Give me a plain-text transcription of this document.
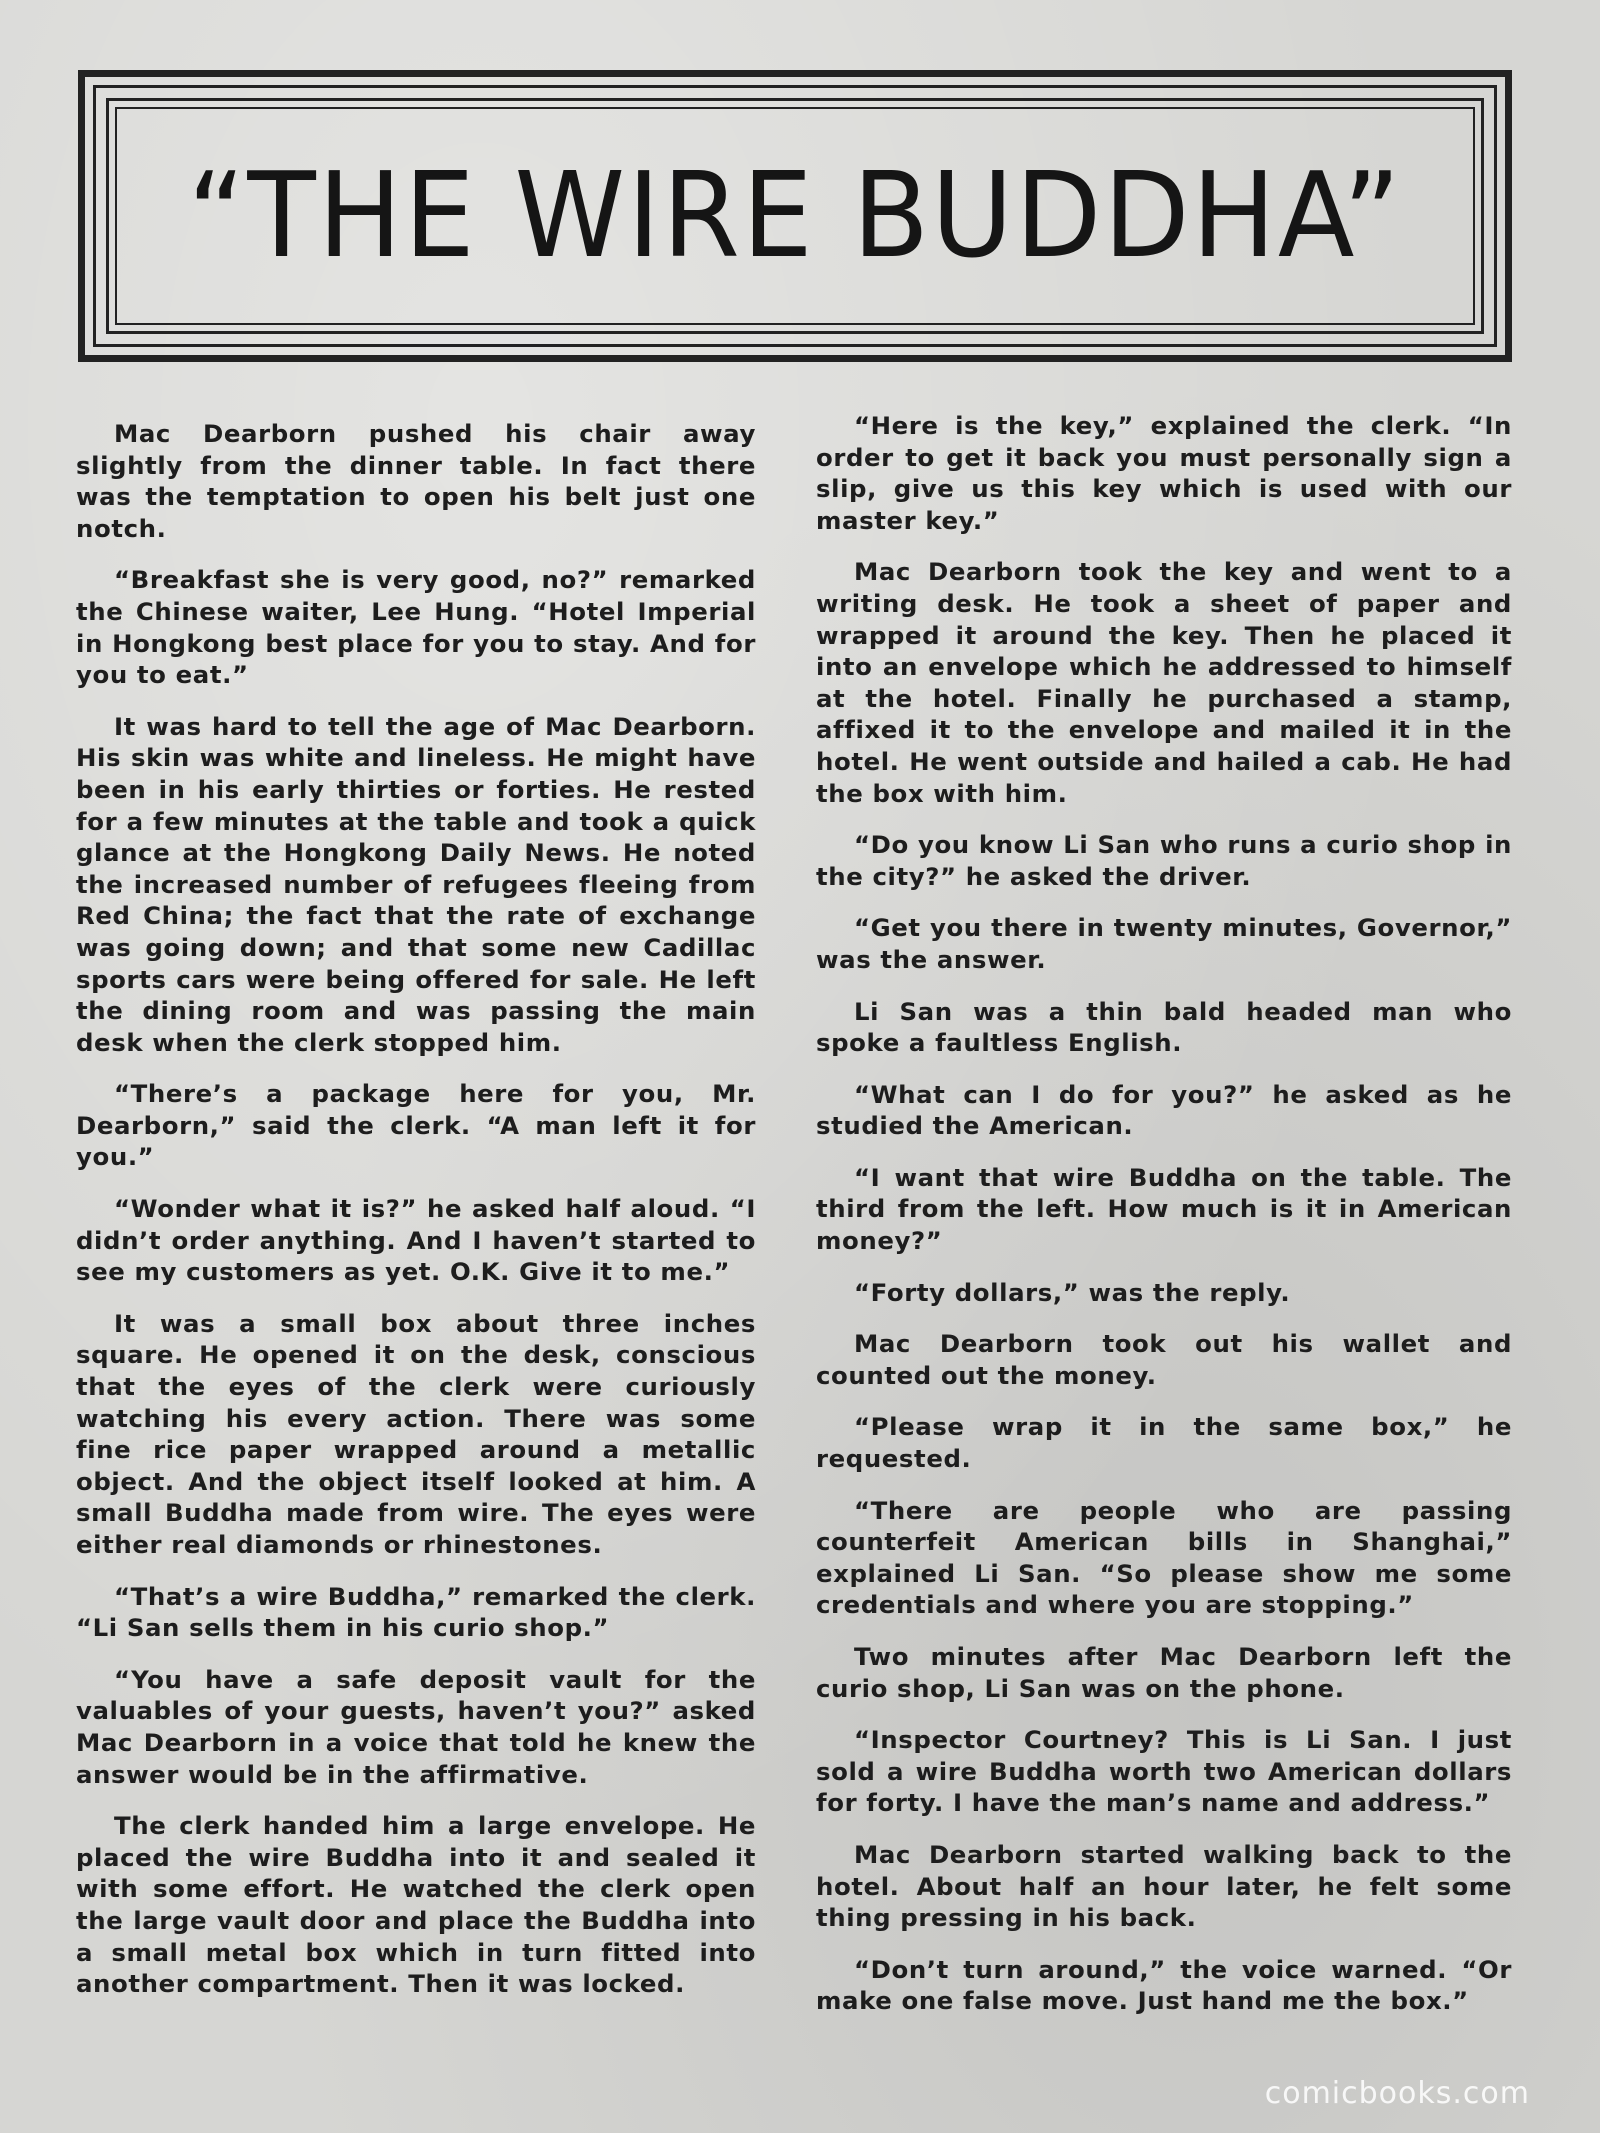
“THE WIRE BUDDHA”

Mac Dearborn pushed his chair away slightly from the dinner table. In fact there was the temptation to open his belt just one notch.

“Breakfast she is very good, no?” remarked the Chinese waiter, Lee Hung. “Hotel Imperial in Hongkong best place for you to stay. And for you to eat.”

It was hard to tell the age of Mac Dearborn. His skin was white and lineless. He might have been in his early thirties or forties. He rested for a few minutes at the table and took a quick glance at the Hongkong Daily News. He noted the increased number of refugees fleeing from Red China; the fact that the rate of exchange was going down; and that some new Cadillac sports cars were being offered for sale. He left the dining room and was passing the main desk when the clerk stopped him.

“There’s a package here for you, Mr. Dearborn,” said the clerk. “A man left it for you.”

“Wonder what it is?” he asked half aloud. “I didn’t order anything. And I haven’t started to see my customers as yet. O.K. Give it to me.”

It was a small box about three inches square. He opened it on the desk, conscious that the eyes of the clerk were curiously watching his every action. There was some fine rice paper wrapped around a metallic object. And the object itself looked at him. A small Buddha made from wire. The eyes were either real diamonds or rhinestones.

“That’s a wire Buddha,” remarked the clerk. “Li San sells them in his curio shop.”

“You have a safe deposit vault for the valuables of your guests, haven’t you?” asked Mac Dearborn in a voice that told he knew the answer would be in the affirmative.

The clerk handed him a large envelope. He placed the wire Buddha into it and sealed it with some effort. He watched the clerk open the large vault door and place the Buddha into a small metal box which in turn fitted into another compartment. Then it was locked.

“Here is the key,” explained the clerk. “In order to get it back you must personally sign a slip, give us this key which is used with our master key.”

Mac Dearborn took the key and went to a writing desk. He took a sheet of paper and wrapped it around the key. Then he placed it into an envelope which he addressed to himself at the hotel. Finally he purchased a stamp, affixed it to the envelope and mailed it in the hotel. He went outside and hailed a cab. He had the box with him.

“Do you know Li San who runs a curio shop in the city?” he asked the driver.

“Get you there in twenty minutes, Governor,” was the answer.

Li San was a thin bald headed man who spoke a faultless English.

“What can I do for you?” he asked as he studied the American.

“I want that wire Buddha on the table. The third from the left. How much is it in American money?”

“Forty dollars,” was the reply.

Mac Dearborn took out his wallet and counted out the money.

“Please wrap it in the same box,” he requested.

“There are people who are passing counterfeit American bills in Shanghai,” explained Li San. “So please show me some credentials and where you are stopping.”

Two minutes after Mac Dearborn left the curio shop, Li San was on the phone.

“Inspector Courtney? This is Li San. I just sold a wire Buddha worth two American dollars for forty. I have the man’s name and address.”

Mac Dearborn started walking back to the hotel. About half an hour later, he felt some thing pressing in his back.

“Don’t turn around,” the voice warned. “Or make one false move. Just hand me the box.”

comicbooks.com
